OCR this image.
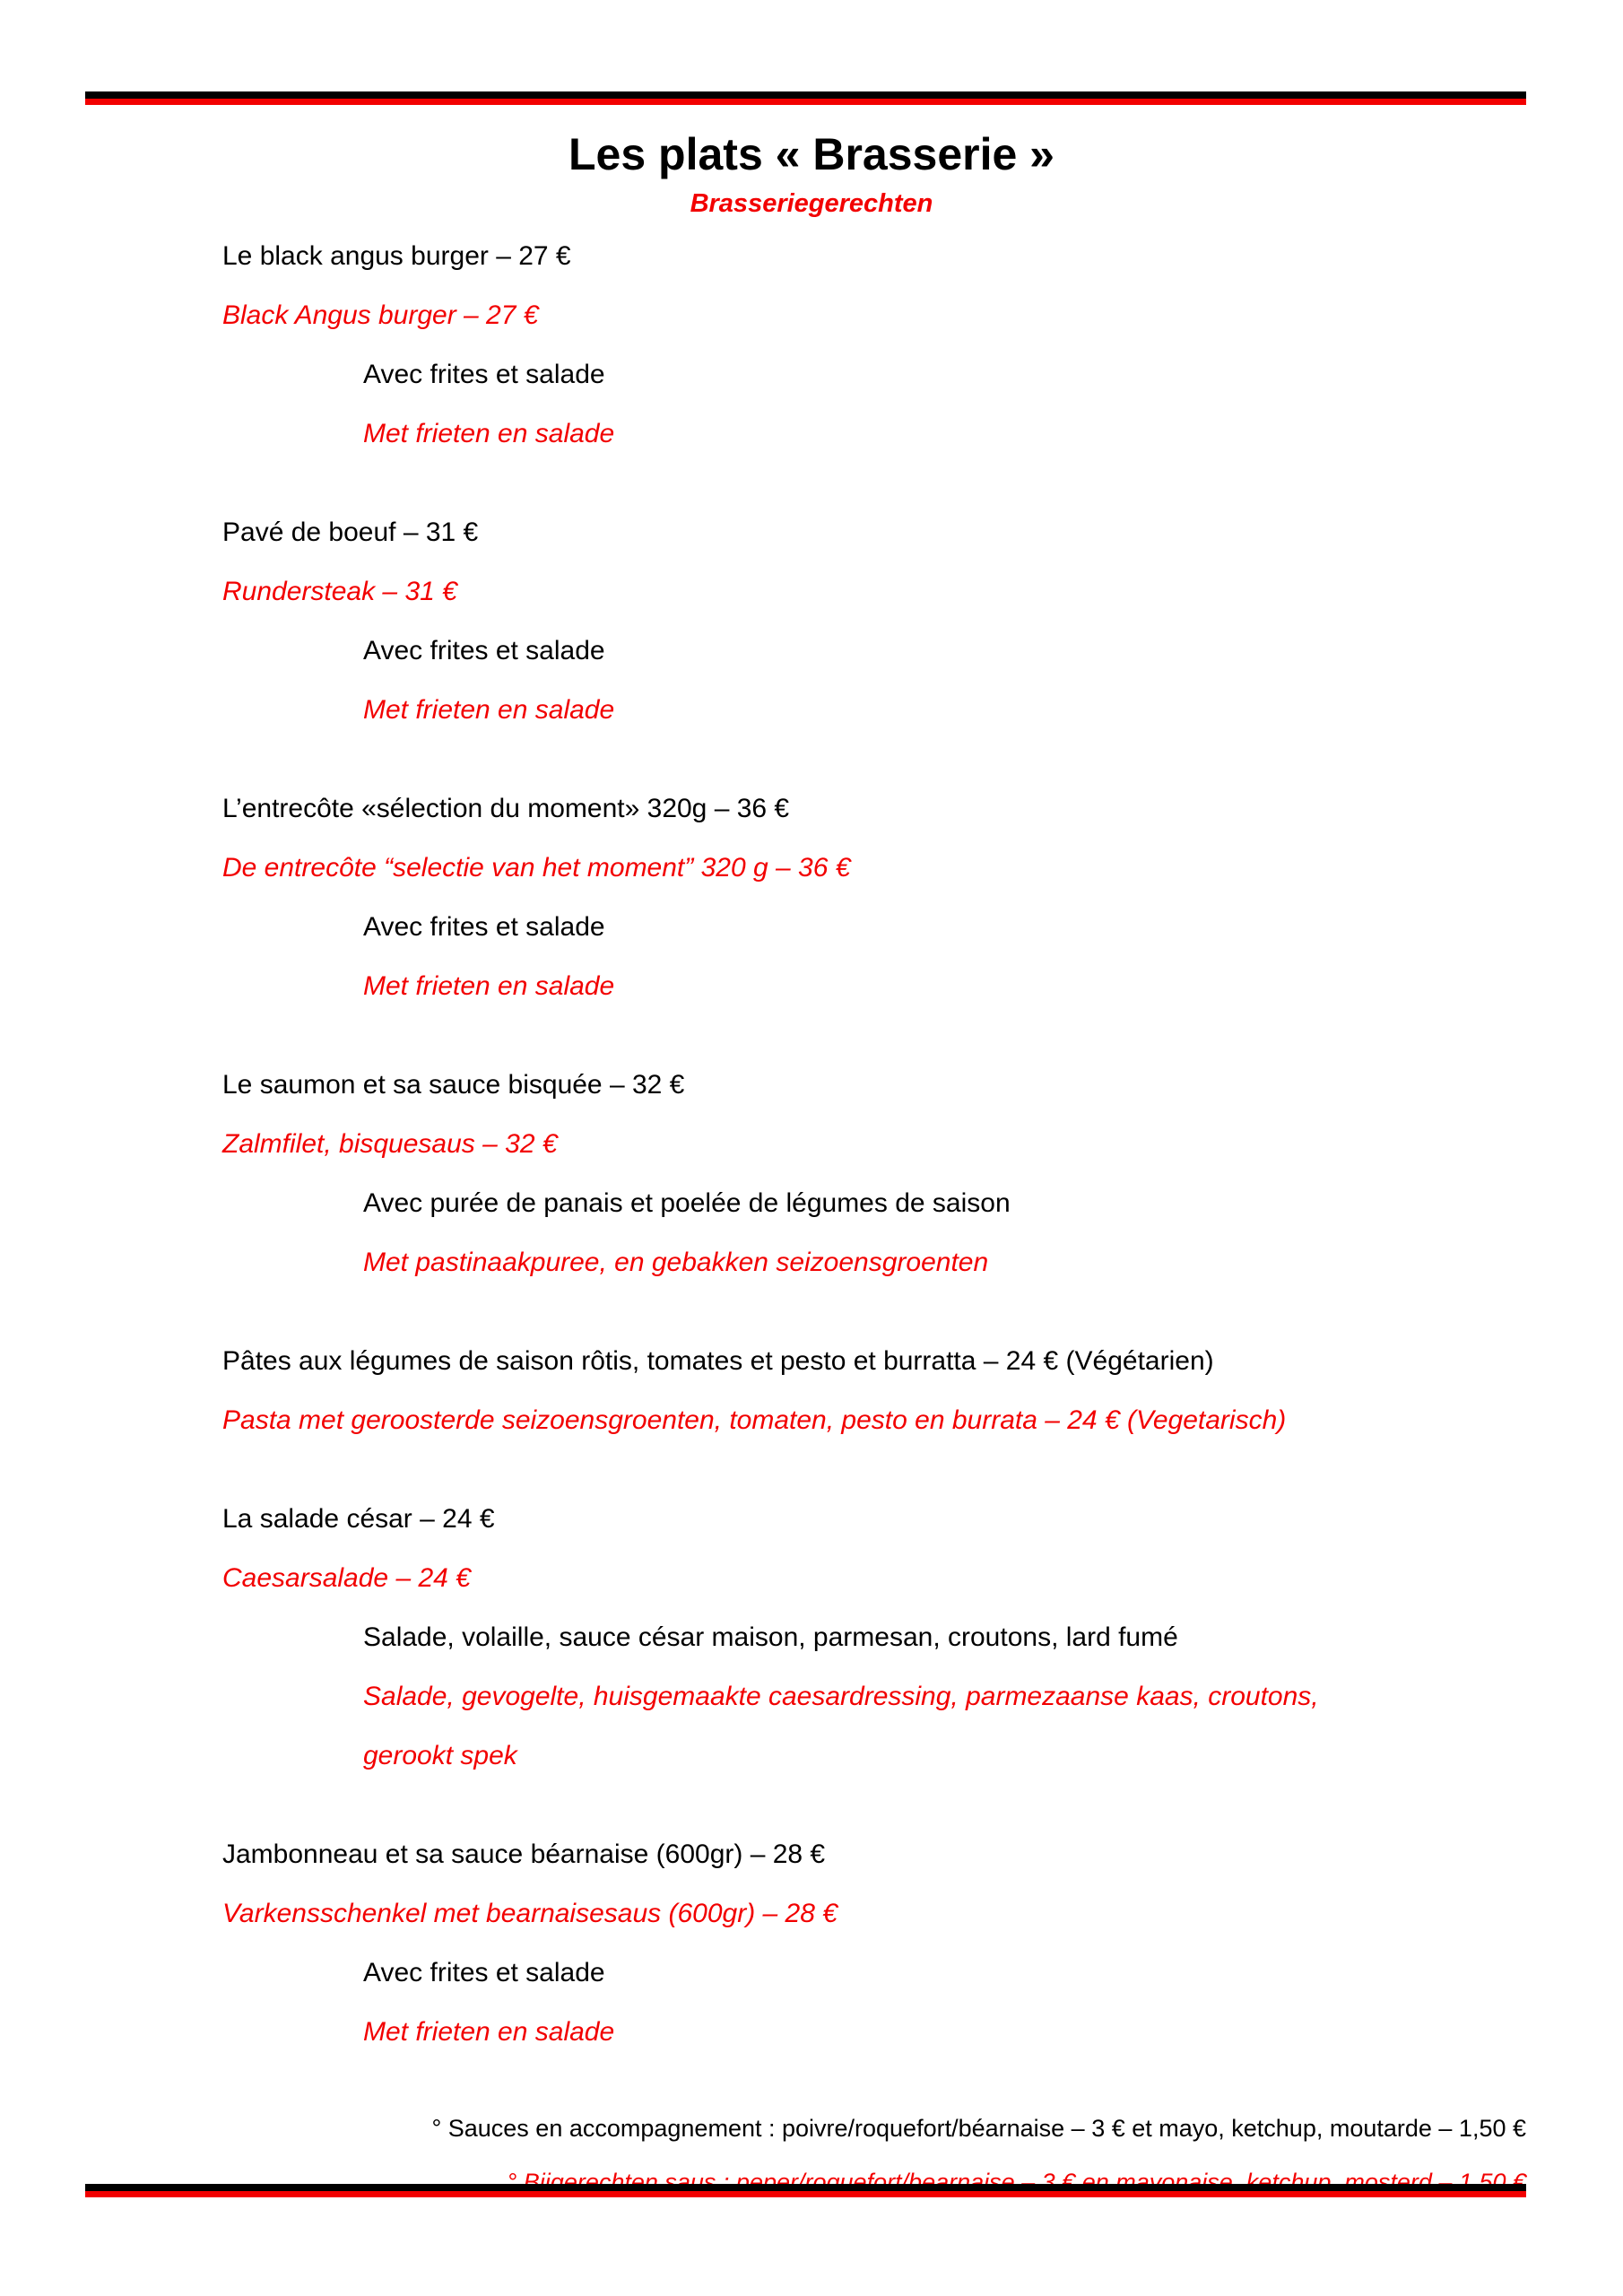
Les plats « Brasserie »
Brasseriegerechten
Le black angus burger – 27 €
Black Angus burger – 27 €
Avec frites et salade
Met frieten en salade
Pavé de boeuf – 31 €
Rundersteak – 31 €
Avec frites et salade
Met frieten en salade
L’entrecôte «sélection du moment» 320g – 36 €
De entrecôte “selectie van het moment” 320 g – 36 €
Avec frites et salade
Met frieten en salade
Le saumon et sa sauce bisquée – 32 €
Zalmfilet, bisquesaus – 32 €
Avec purée de panais et poelée de légumes de saison
Met pastinaakpuree, en gebakken seizoensgroenten
Pâtes aux légumes de saison rôtis, tomates et pesto et burratta – 24 € (Végétarien)
Pasta met geroosterde seizoensgroenten, tomaten, pesto en burrata – 24 € (Vegetarisch)
La salade césar – 24 €
Caesarsalade – 24 €
Salade, volaille, sauce césar maison, parmesan, croutons, lard fumé
Salade, gevogelte, huisgemaakte caesardressing, parmezaanse kaas, croutons, gerookt spek
Jambonneau et sa sauce béarnaise (600gr) – 28 €
Varkensschenkel met bearnaisesaus (600gr) – 28 €
Avec frites et salade
Met frieten en salade
° Sauces en accompagnement : poivre/roquefort/béarnaise – 3 € et mayo, ketchup, moutarde – 1,50 €
° Bijgerechten saus : peper/roquefort/bearnaise – 3 € en mayonaise, ketchup, mosterd – 1,50 €
